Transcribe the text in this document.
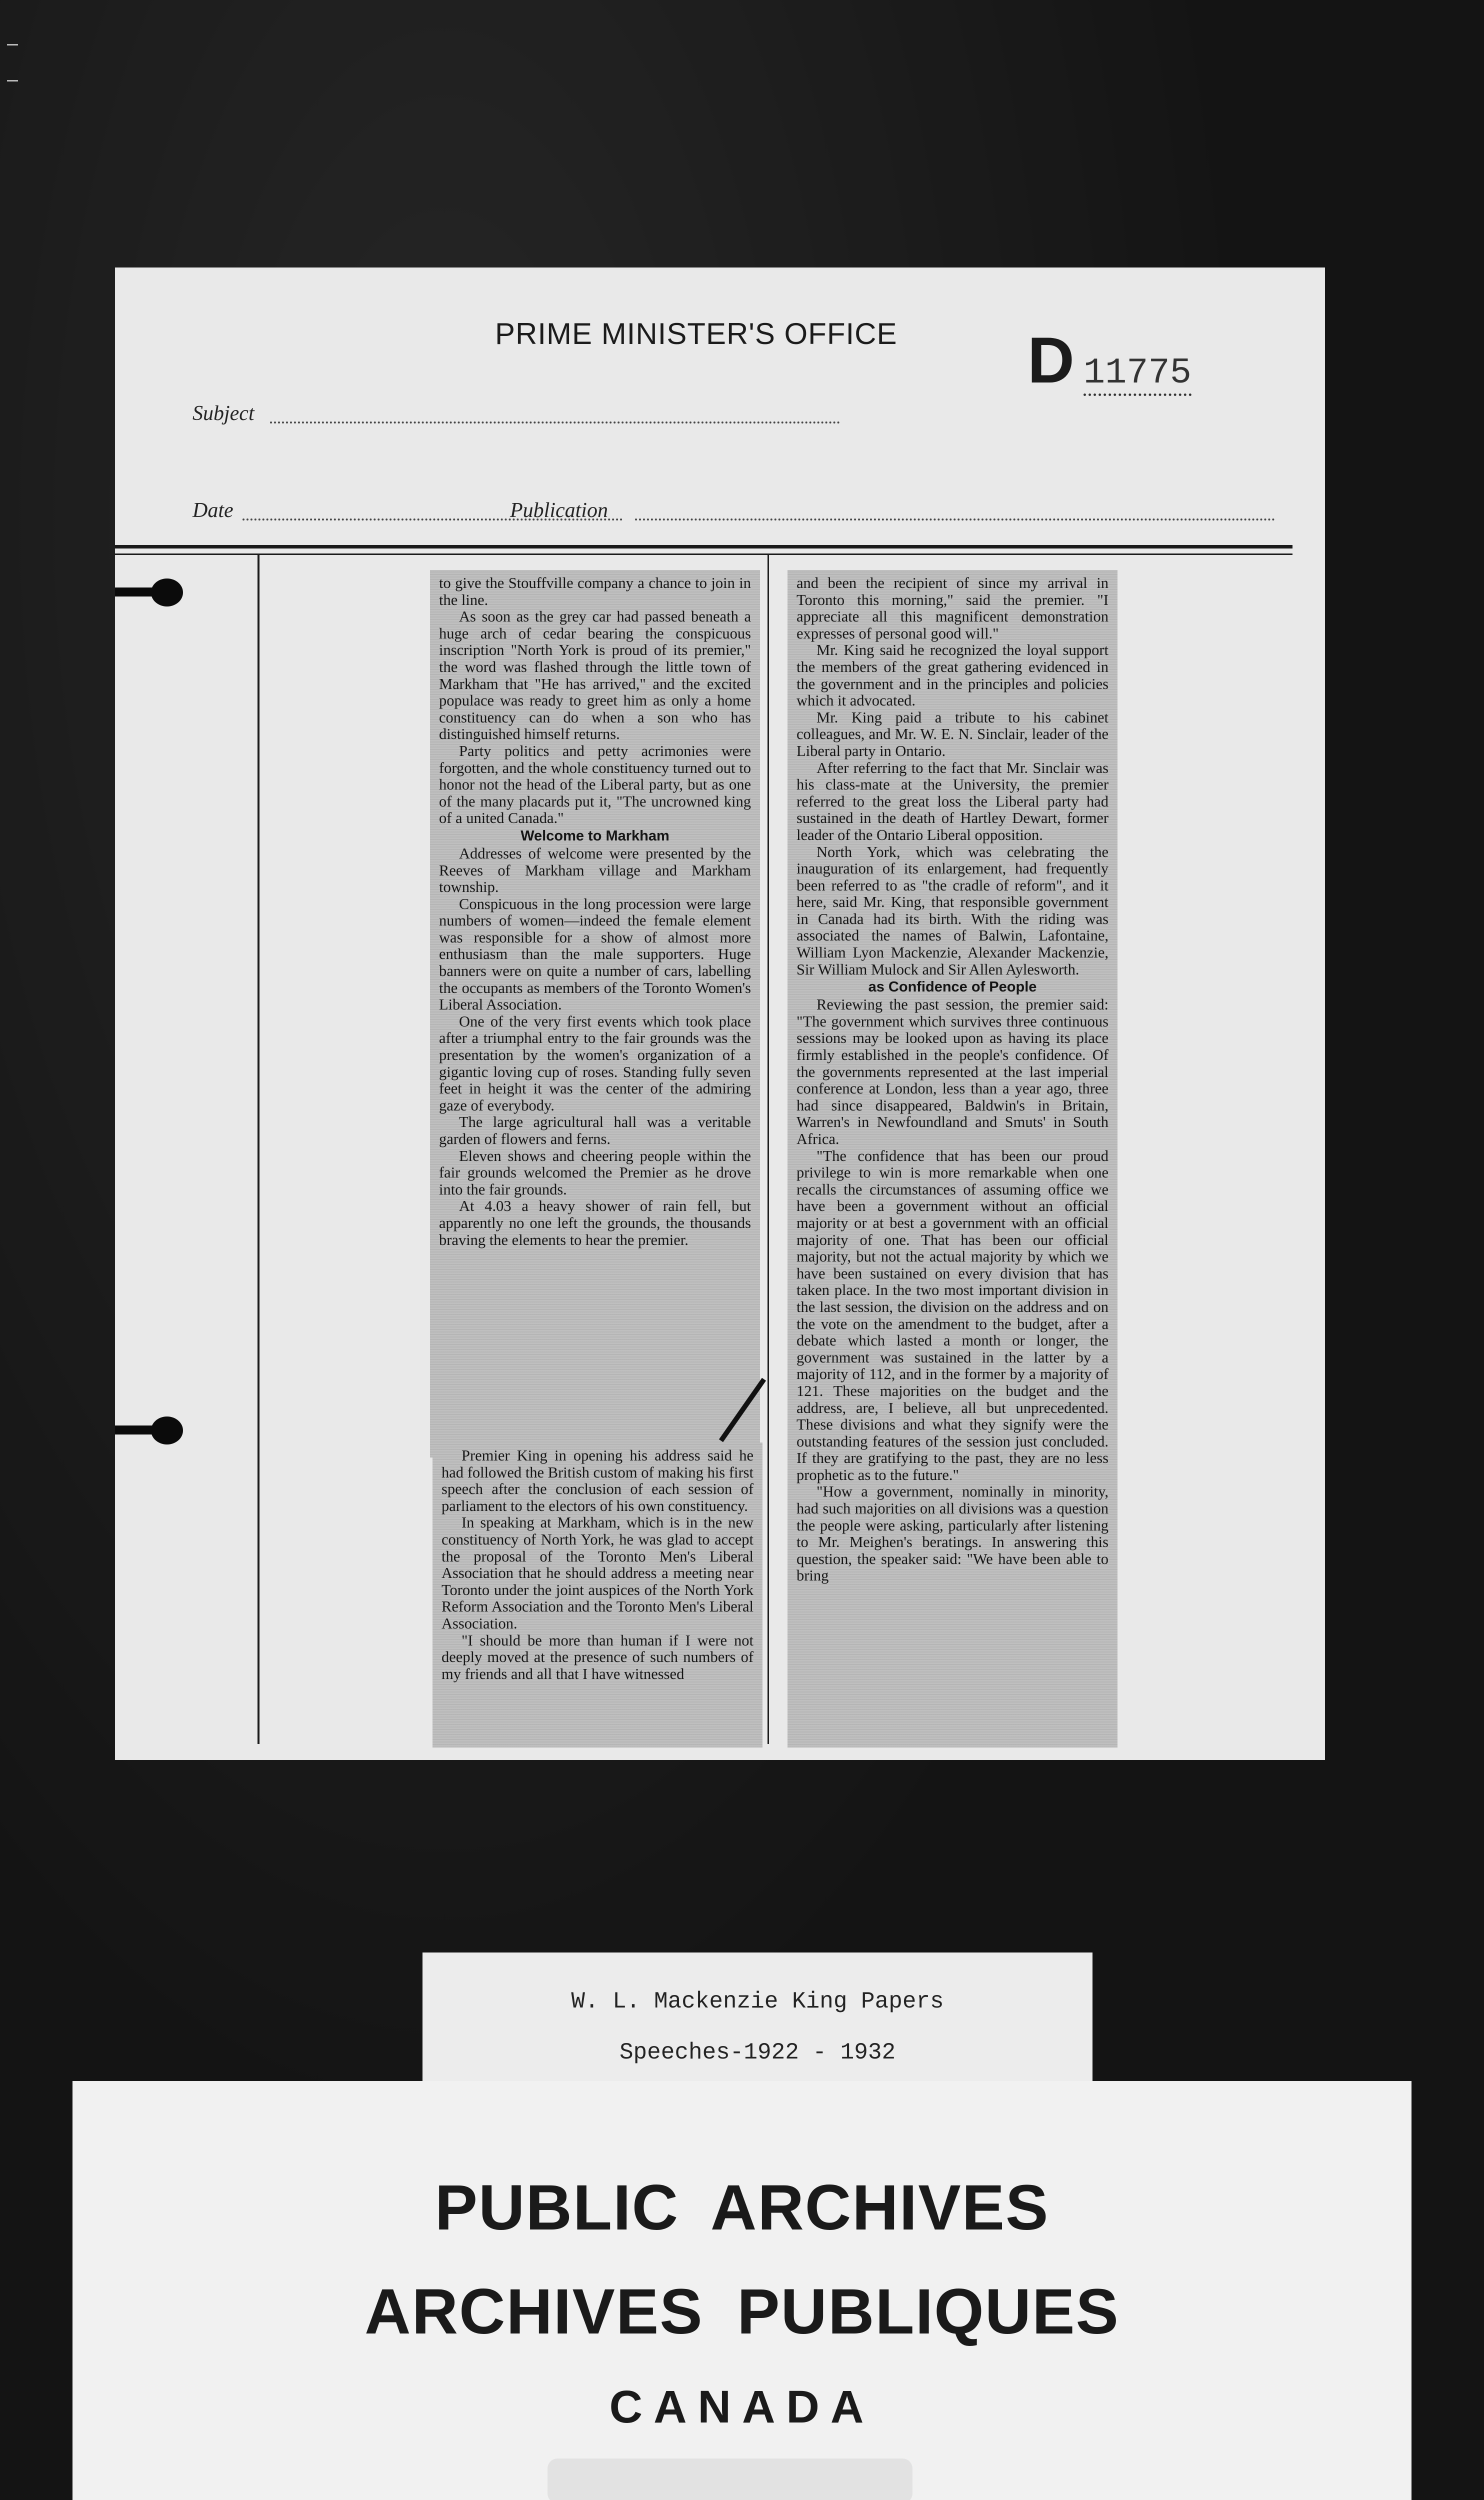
PRIME MINISTER'S OFFICE	D 11775
Subject
Date	Publication

to give the Stouffville company a chance to join in the line.

As soon as the grey car had passed beneath a huge arch of cedar bearing the conspicuous inscription "North York is proud of its premier," the word was flashed through the little town of Markham that "He has arrived," and the excited populace was ready to greet him as only a home constituency can do when a son who has distinguished himself returns.

Party politics and petty acrimonies were forgotten, and the whole constituency turned out to honor not the head of the Liberal party, but as one of the many placards put it, "The uncrowned king of a united Canada."

Welcome to Markham

Addresses of welcome were presented by the Reeves of Markham village and Markham township.

Conspicuous in the long procession were large numbers of women—indeed the female element was responsible for a show of almost more enthusiasm than the male supporters. Huge banners were on quite a number of cars, labelling the occupants as members of the Toronto Women's Liberal Association.

One of the very first events which took place after a triumphal entry to the fair grounds was the presentation by the women's organization of a gigantic loving cup of roses. Standing fully seven feet in height it was the center of the admiring gaze of everybody.

The large agricultural hall was a veritable garden of flowers and ferns.

Eleven shows and cheering people within the fair grounds welcomed the Premier as he drove into the fair grounds.

At 4.03 a heavy shower of rain fell, but apparently no one left the grounds, the thousands braving the elements to hear the premier.

Premier King in opening his address said he had followed the British custom of making his first speech after the conclusion of each session of parliament to the electors of his own constituency.

In speaking at Markham, which is in the new constituency of North York, he was glad to accept the proposal of the Toronto Men's Liberal Association that he should address a meeting near Toronto under the joint auspices of the North York Reform Association and the Toronto Men's Liberal Association.

"I should be more than human if I were not deeply moved at the presence of such numbers of my friends and all that I have witnessed

and been the recipient of since my arrival in Toronto this morning," said the premier. "I appreciate all this magnificent demonstration expresses of personal good will."

Mr. King said he recognized the loyal support the members of the great gathering evidenced in the government and in the principles and policies which it advocated.

Mr. King paid a tribute to his cabinet colleagues, and Mr. W. E. N. Sinclair, leader of the Liberal party in Ontario.

After referring to the fact that Mr. Sinclair was his class-mate at the University, the premier referred to the great loss the Liberal party had sustained in the death of Hartley Dewart, former leader of the Ontario Liberal opposition.

North York, which was celebrating the inauguration of its enlargement, had frequently been referred to as "the cradle of reform", and it here, said Mr. King, that responsible government in Canada had its birth. With the riding was associated the names of Balwin, Lafontaine, William Lyon Mackenzie, Alexander Mackenzie, Sir William Mulock and Sir Allen Aylesworth.

as Confidence of People

Reviewing the past session, the premier said: "The government which survives three continuous sessions may be looked upon as having its place firmly established in the people's confidence. Of the governments represented at the last imperial conference at London, less than a year ago, three had since disappeared, Baldwin's in Britain, Warren's in Newfoundland and Smuts' in South Africa.

"The confidence that has been our proud privilege to win is more remarkable when one recalls the circumstances of assuming office we have been a government without an official majority or at best a government with an official majority of one. That has been our official majority, but not the actual majority by which we have been sustained on every division that has taken place. In the two most important division in the last session, the division on the address and on the vote on the amendment to the budget, after a debate which lasted a month or longer, the government was sustained in the latter by a majority of 112, and in the former by a majority of 121. These majorities on the budget and the address, are, I believe, all but unprecedented. These divisions and what they signify were the outstanding features of the session just concluded. If they are gratifying to the past, they are no less prophetic as to the future."

"How a government, nominally in minority, had such majorities on all divisions was a question the people were asking, particularly after listening to Mr. Meighen's beratings. In answering this question, the speaker said: "We have been able to bring

W. L. Mackenzie King Papers
Speeches-1922 - 1932
PUBLIC ARCHIVES
ARCHIVES PUBLIQUES
CANADA
